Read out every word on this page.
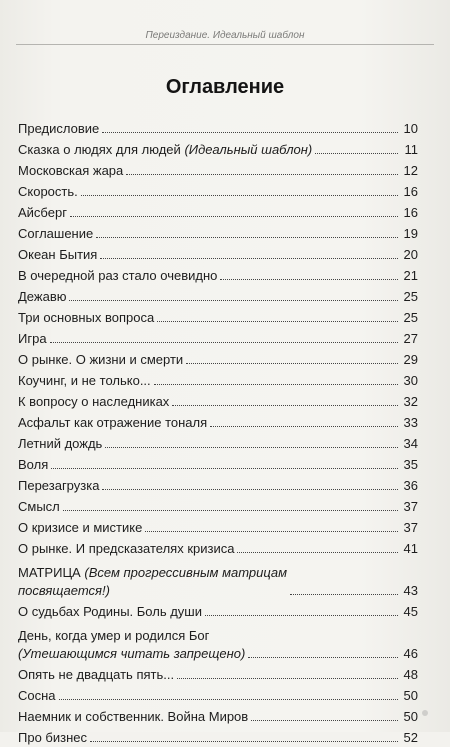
Переиздание. Идеальный шаблон
Оглавление
Предисловие	10
Сказка о людях для людей (Идеальный шаблон)	11
Московская жара	12
Скорость.	16
Айсберг	16
Соглашение	19
Океан Бытия	20
В очередной раз стало очевидно	21
Дежавю	25
Три основных вопроса	25
Игра	27
О рынке. О жизни и смерти	29
Коучинг, и не только...	30
К вопросу о наследниках	32
Асфальт как отражение тоналя	33
Летний дождь	34
Воля	35
Перезагрузка	36
Смысл	37
О кризисе и мистике	37
О рынке. И предсказателях кризиса	41
МАТРИЦА (Всем прогрессивным матрицам
посвящается!)	43
О судьбах Родины. Боль души	45
День, когда умер и родился Бог
(Утешающимся читать запрещено)	46
Опять не двадцать пять...	48
Сосна	50
Наемник и собственник. Война Миров	50
Про бизнес	52
